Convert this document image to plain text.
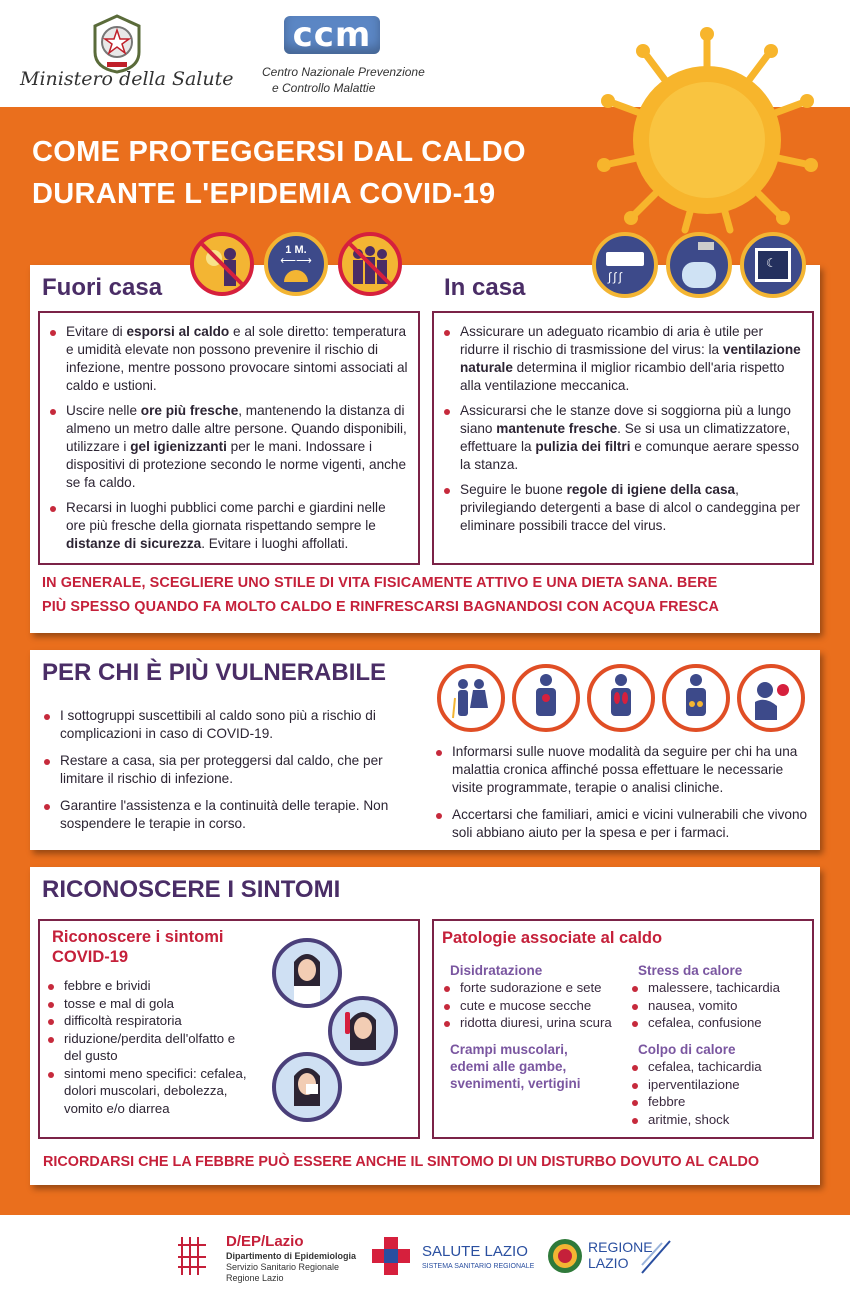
Ministero della Salute
ccm
Centro Nazionale Prevenzione
e Controllo Malattie
COME PROTEGGERSI DAL CALDO
DURANTE L'EPIDEMIA COVID-19
1 M.
⟵⟶
∫∫∫
☾
Fuori casa
Evitare di esporsi al caldo e al sole diretto: temperatura e umidità elevate non possono prevenire il rischio di infezione, mentre possono provocare sintomi associati al caldo e ustioni.
Uscire nelle ore più fresche, mantenendo la distanza di almeno un metro dalle altre persone. Quando disponibili, utilizzare i gel igienizzanti per le mani. Indossare i dispositivi di protezione secondo le norme vigenti, anche se fa caldo.
Recarsi in luoghi pubblici come parchi e giardini nelle ore più fresche della giornata rispettando sempre le distanze di sicurezza. Evitare i luoghi affollati.
In casa
Assicurare un adeguato ricambio di aria è utile per ridurre il rischio di trasmissione del virus: la ventilazione naturale determina il miglior ricambio dell'aria rispetto alla ventilazione meccanica.
Assicurarsi che le stanze dove si soggiorna più a lungo siano mantenute fresche. Se si usa un climatizzatore, effettuare la pulizia dei filtri e comunque aerare spesso la stanza.
Seguire le buone regole di igiene della casa, privilegiando detergenti a base di alcol o candeggina per eliminare possibili tracce del virus.
IN GENERALE, SCEGLIERE UNO STILE DI VITA FISICAMENTE ATTIVO E UNA DIETA SANA. BERE
PIÙ SPESSO QUANDO FA MOLTO CALDO E RINFRESCARSI BAGNANDOSI CON ACQUA FRESCA
PER CHI È PIÙ VULNERABILE
I sottogruppi suscettibili al caldo sono più a rischio di complicazioni in caso di COVID-19.
Restare a casa, sia per proteggersi dal caldo, che per limitare il rischio di infezione.
Garantire l'assistenza e la continuità delle terapie. Non sospendere le terapie in corso.
Informarsi sulle nuove modalità da seguire per chi ha una malattia cronica affinché possa effettuare le necessarie visite programmate, terapie o analisi cliniche.
Accertarsi che familiari, amici e vicini vulnerabili che vivono soli abbiano aiuto per la spesa e per i farmaci.
RICONOSCERE I SINTOMI
Riconoscere i sintomi
COVID-19
febbre e brividi
tosse e mal di gola
difficoltà respiratoria
riduzione/perdita dell'olfatto e del gusto
sintomi meno specifici: cefalea, dolori muscolari, debolezza, vomito e/o diarrea
Patologie associate al caldo
Disidratazione
forte sudorazione e sete
cute e mucose secche
ridotta diuresi, urina scura
Crampi muscolari, edemi alle gambe, svenimenti, vertigini
Stress da calore
malessere, tachicardia
nausea, vomito
cefalea, confusione
Colpo di calore
cefalea, tachicardia
iperventilazione
febbre
aritmie, shock
RICORDARSI CHE LA FEBBRE PUÒ ESSERE ANCHE IL SINTOMO DI UN DISTURBO DOVUTO AL CALDO
D/EP/Lazio
Dipartimento di Epidemiologia
Servizio Sanitario Regionale
Regione Lazio
SALUTE LAZIO
SISTEMA SANITARIO REGIONALE
REGIONE
LAZIO
